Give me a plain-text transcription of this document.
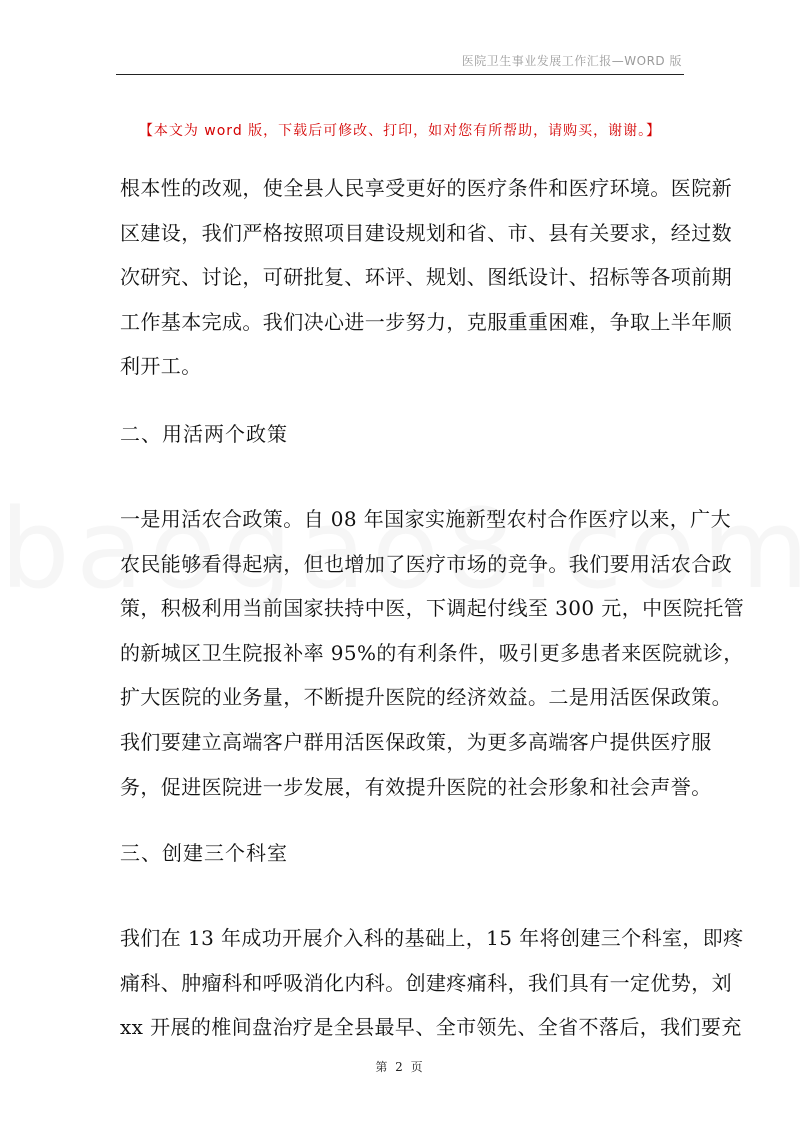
医院卫生事业发展工作汇报—WORD 版
【本文为 word 版，下载后可修改、打印，如对您有所帮助，请购买，谢谢。】
根本性的改观，使全县人民享受更好的医疗条件和医疗环境。医院新
区建设，我们严格按照项目建设规划和省、市、县有关要求，经过数
次研究、讨论，可研批复、环评、规划、图纸设计、招标等各项前期
工作基本完成。我们决心进一步努力，克服重重困难，争取上半年顺
利开工。
二、用活两个政策
一是用活农合政策。自 08 年国家实施新型农村合作医疗以来，广大
农民能够看得起病，但也增加了医疗市场的竞争。我们要用活农合政
策，积极利用当前国家扶持中医，下调起付线至 300 元，中医院托管
的新城区卫生院报补率 95%的有利条件，吸引更多患者来医院就诊，
扩大医院的业务量，不断提升医院的经济效益。二是用活医保政策。
我们要建立高端客户群用活医保政策，为更多高端客户提供医疗服
务，促进医院进一步发展，有效提升医院的社会形象和社会声誉。
三、创建三个科室
我们在 13 年成功开展介入科的基础上，15 年将创建三个科室，即疼
痛科、肿瘤科和呼吸消化内科。创建疼痛科，我们具有一定优势，刘
xx 开展的椎间盘治疗是全县最早、全市领先、全省不落后，我们要充
第 2 页
